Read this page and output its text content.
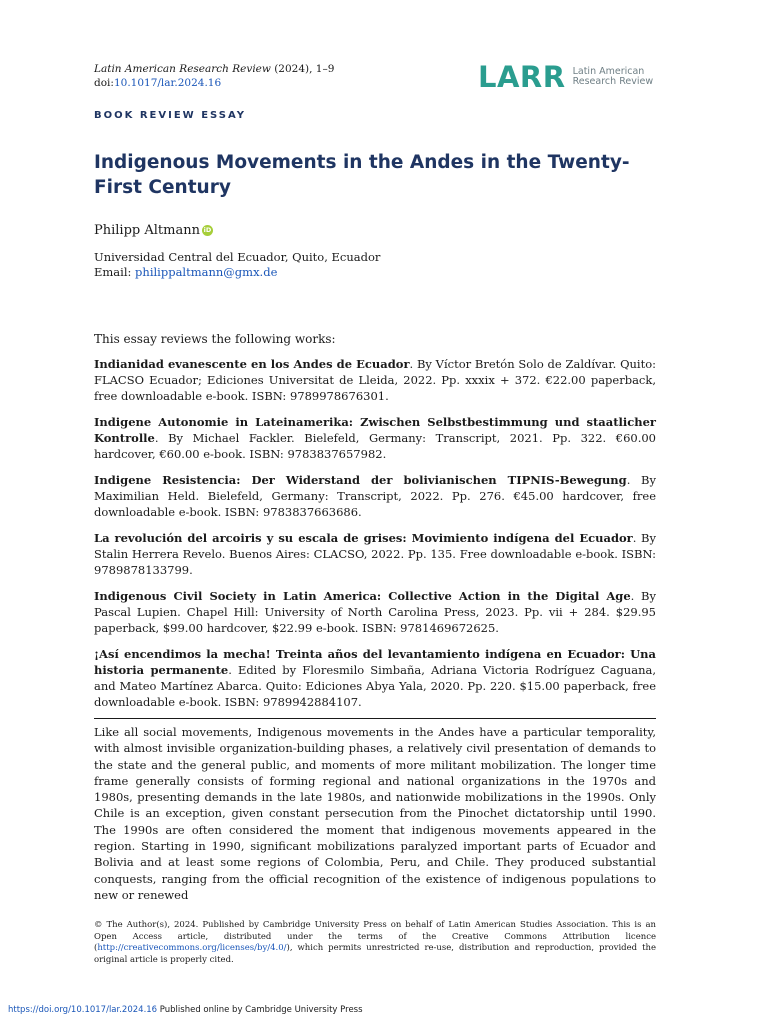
Latin American Research Review (2024), 1–9
doi:10.1017/lar.2024.16	LARR Latin American
Research Review
BOOK REVIEW ESSAY
Indigenous Movements in the Andes in the Twenty-First Century
Philipp Altmann iD
Universidad Central del Ecuador, Quito, Ecuador
Email: philippaltmann@gmx.de
This essay reviews the following works:
Indianidad evanescente en los Andes de Ecuador. By Víctor Bretón Solo de Zaldívar. Quito: FLACSO Ecuador; Ediciones Universitat de Lleida, 2022. Pp. xxxix + 372. €22.00 paperback, free downloadable e-book. ISBN: 9789978676301.
Indigene Autonomie in Lateinamerika: Zwischen Selbstbestimmung und staatlicher Kontrolle. By Michael Fackler. Bielefeld, Germany: Transcript, 2021. Pp. 322. €60.00 hardcover, €60.00 e-book. ISBN: 9783837657982.
Indigene Resistencia: Der Widerstand der bolivianischen TIPNIS-Bewegung. By Maximilian Held. Bielefeld, Germany: Transcript, 2022. Pp. 276. €45.00 hardcover, free downloadable e-book. ISBN: 9783837663686.
La revolución del arcoiris y su escala de grises: Movimiento indígena del Ecuador. By Stalin Herrera Revelo. Buenos Aires: CLACSO, 2022. Pp. 135. Free downloadable e-book. ISBN: 9789878133799.
Indigenous Civil Society in Latin America: Collective Action in the Digital Age. By Pascal Lupien. Chapel Hill: University of North Carolina Press, 2023. Pp. vii + 284. $29.95 paperback, $99.00 hardcover, $22.99 e-book. ISBN: 9781469672625.
¡Así encendimos la mecha! Treinta años del levantamiento indígena en Ecuador: Una historia permanente. Edited by Floresmilo Simbaña, Adriana Victoria Rodríguez Caguana, and Mateo Martínez Abarca. Quito: Ediciones Abya Yala, 2020. Pp. 220. $15.00 paperback, free downloadable e-book. ISBN: 9789942884107.

Like all social movements, Indigenous movements in the Andes have a particular temporality, with almost invisible organization-building phases, a relatively civil presentation of demands to the state and the general public, and moments of more militant mobilization. The longer time frame generally consists of forming regional and national organizations in the 1970s and 1980s, presenting demands in the late 1980s, and nationwide mobilizations in the 1990s. Only Chile is an exception, given constant persecution from the Pinochet dictatorship until 1990. The 1990s are often considered the moment that indigenous movements appeared in the region. Starting in 1990, significant mobilizations paralyzed important parts of Ecuador and Bolivia and at least some regions of Colombia, Peru, and Chile. They produced substantial conquests, ranging from the official recognition of the existence of indigenous populations to new or renewed

© The Author(s), 2024. Published by Cambridge University Press on behalf of Latin American Studies Association. This is an Open Access article, distributed under the terms of the Creative Commons Attribution licence (http://creativecommons.org/licenses/by/4.0/), which permits unrestricted re-use, distribution and reproduction, provided the original article is properly cited.
https://doi.org/10.1017/lar.2024.16 Published online by Cambridge University Press
